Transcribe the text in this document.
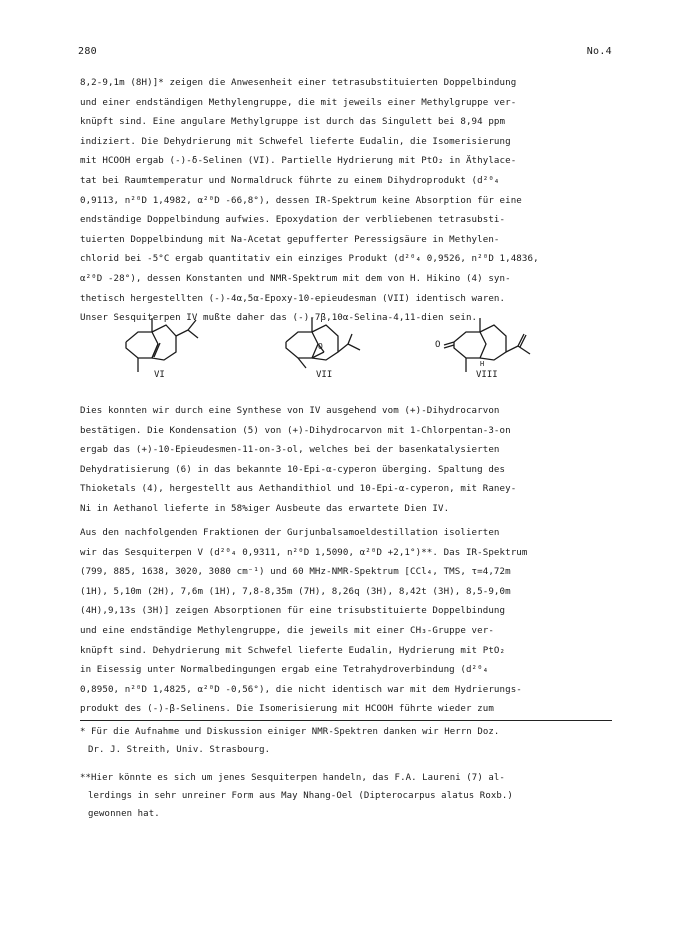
280	No.4
8,2-9,1m (8H)]* zeigen die Anwesenheit einer tetrasubstituierten Doppelbindung
und einer endständigen Methylengruppe, die mit jeweils einer Methylgruppe ver-
knüpft sind. Eine angulare Methylgruppe ist durch das Singulett bei 8,94 ppm
indiziert. Die Dehydrierung mit Schwefel lieferte Eudalin, die Isomerisierung
mit HCOOH ergab (-)-δ-Selinen (VI). Partielle Hydrierung mit PtO₂ in Äthylace-
tat bei Raumtemperatur und Normaldruck führte zu einem Dihydroprodukt (d²⁰₄
0,9113, n²⁰D 1,4982, α²⁰D -66,8°), dessen IR-Spektrum keine Absorption für eine
endständige Doppelbindung aufwies. Epoxydation der verbliebenen tetrasubsti-
tuierten Doppelbindung mit Na-Acetat gepufferter Peressigsäure in Methylen-
chlorid bei -5°C ergab quantitativ ein einziges Produkt (d²⁰₄ 0,9526, n²⁰D 1,4836,
α²⁰D -28°), dessen Konstanten und NMR-Spektrum mit dem von H. Hikino (4) syn-
thetisch hergestellten (-)-4α,5α-Epoxy-10-epieudesman (VII) identisch waren.
Unser Sesquiterpen IV mußte daher das (-)-7β,10α-Selina-4,11-dien sein.
O	O
H
VI	VII	VIII
Dies konnten wir durch eine Synthese von IV ausgehend vom (+)-Dihydrocarvon
bestätigen. Die Kondensation (5) von (+)-Dihydrocarvon mit 1-Chlorpentan-3-on
ergab das (+)-10-Epieudesmen-11-on-3-ol, welches bei der basenkatalysierten
Dehydratisierung (6) in das bekannte 10-Epi-α-cyperon überging. Spaltung des
Thioketals (4), hergestellt aus Aethandithiol und 10-Epi-α-cyperon, mit Raney-
Ni in Aethanol lieferte in 58%iger Ausbeute das erwartete Dien IV.
Aus den nachfolgenden Fraktionen der Gurjunbalsamoeldestillation isolierten
wir das Sesquiterpen V (d²⁰₄ 0,9311, n²⁰D 1,5090, α²⁰D +2,1°)**. Das IR-Spektrum
(799, 885, 1638, 3020, 3080 cm⁻¹) und 60 MHz-NMR-Spektrum [CCl₄, TMS, τ=4,72m
(1H), 5,10m (2H), 7,6m (1H), 7,8-8,35m (7H), 8,26q (3H), 8,42t (3H), 8,5-9,0m
(4H),9,13s (3H)] zeigen Absorptionen für eine trisubstituierte Doppelbindung
und eine endständige Methylengruppe, die jeweils mit einer CH₃-Gruppe ver-
knüpft sind. Dehydrierung mit Schwefel lieferte Eudalin, Hydrierung mit PtO₂
in Eisessig unter Normalbedingungen ergab eine Tetrahydroverbindung (d²⁰₄
0,8950, n²⁰D 1,4825, α²⁰D -0,56°), die nicht identisch war mit dem Hydrierungs-
produkt des (-)-β-Selinens. Die Isomerisierung mit HCOOH führte wieder zum
* Für die Aufnahme und Diskussion einiger NMR-Spektren danken wir Herrn Doz.
Dr. J. Streith, Univ. Strasbourg.
**Hier könnte es sich um jenes Sesquiterpen handeln, das F.A. Laureni (7) al-
lerdings in sehr unreiner Form aus May Nhang-Oel (Dipterocarpus alatus Roxb.)
gewonnen hat.
